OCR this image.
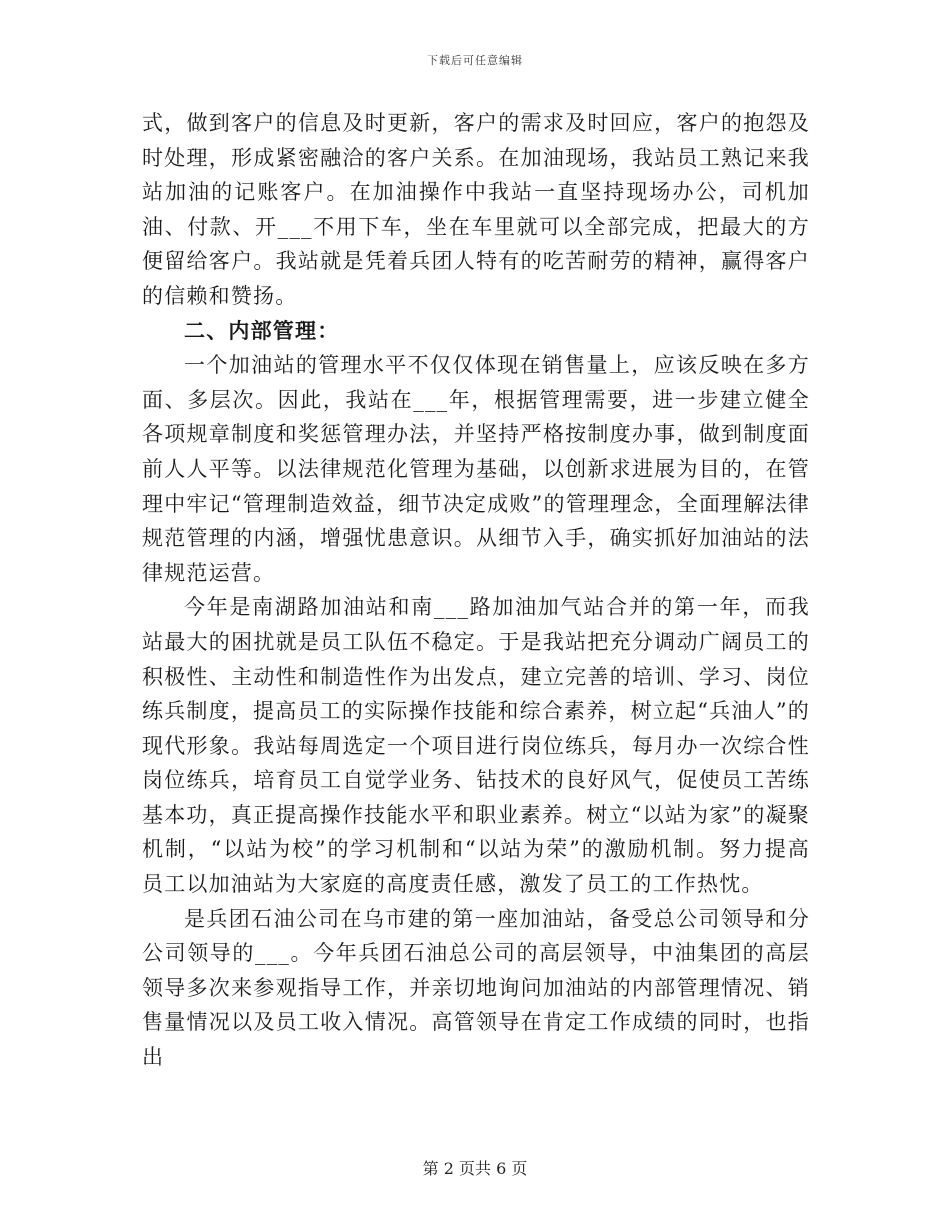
下载后可任意编辑

式，做到客户的信息及时更新，客户的需求及时回应，客户的抱怨及时处理，形成紧密融洽的客户关系。在加油现场，我站员工熟记来我站加油的记账客户。在加油操作中我站一直坚持现场办公，司机加油、付款、开___不用下车，坐在车里就可以全部完成，把最大的方便留给客户。我站就是凭着兵团人特有的吃苦耐劳的精神，赢得客户的信赖和赞扬。

二、内部管理：

一个加油站的管理水平不仅仅体现在销售量上，应该反映在多方面、多层次。因此，我站在___年，根据管理需要，进一步建立健全各项规章制度和奖惩管理办法，并坚持严格按制度办事，做到制度面前人人平等。以法律规范化管理为基础，以创新求进展为目的，在管理中牢记“管理制造效益，细节决定成败”的管理理念，全面理解法律规范管理的内涵，增强忧患意识。从细节入手，确实抓好加油站的法律规范运营。

今年是南湖路加油站和南___路加油加气站合并的第一年，而我站最大的困扰就是员工队伍不稳定。于是我站把充分调动广阔员工的积极性、主动性和制造性作为出发点，建立完善的培训、学习、岗位练兵制度，提高员工的实际操作技能和综合素养，树立起“兵油人”的现代形象。我站每周选定一个项目进行岗位练兵，每月办一次综合性岗位练兵，培育员工自觉学业务、钻技术的良好风气，促使员工苦练基本功，真正提高操作技能水平和职业素养。树立“以站为家”的凝聚机制，“以站为校”的学习机制和“以站为荣”的激励机制。努力提高员工以加油站为大家庭的高度责任感，激发了员工的工作热忱。

是兵团石油公司在乌市建的第一座加油站，备受总公司领导和分公司领导的___。今年兵团石油总公司的高层领导，中油集团的高层领导多次来参观指导工作，并亲切地询问加油站的内部管理情况、销售量情况以及员工收入情况。高管领导在肯定工作成绩的同时，也指出

第 2 页共 6 页
